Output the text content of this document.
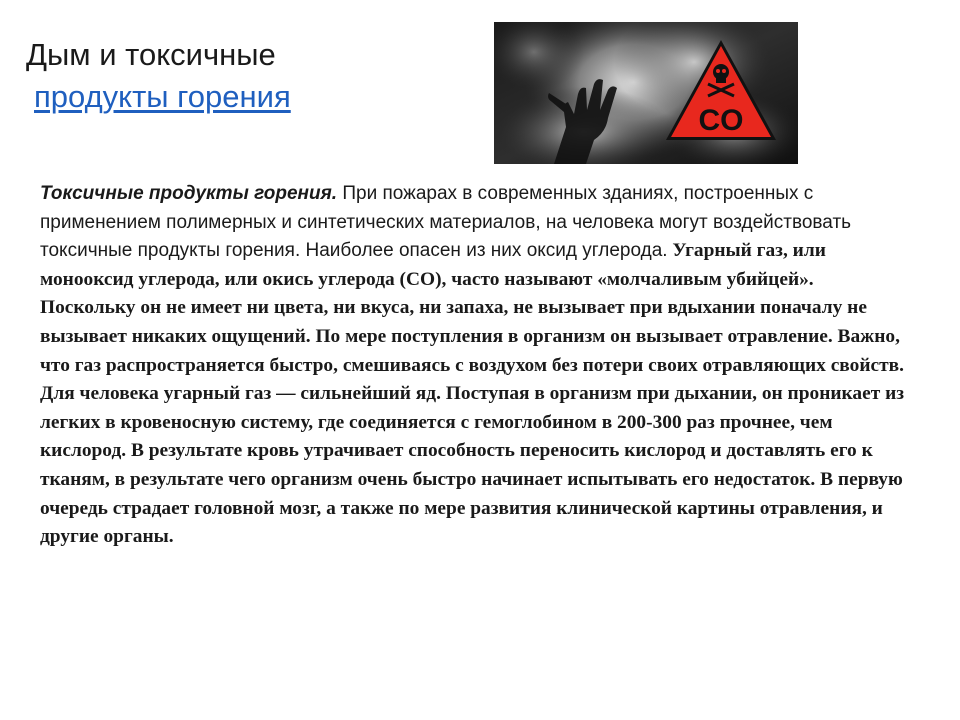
Дым и токсичные
продукты горения
CO

Токсичные продукты горения. При пожарах в современных зданиях, построенных с применением полимерных и синтетических материалов, на человека могут воздействовать токсичные продукты горения. Наиболее опасен из них оксид углерода. Угарный газ, или монооксид углерода, или окись углерода (СО), часто называют «молчаливым убийцей». Поскольку он не имеет ни цвета, ни вкуса, ни запаха, не вызывает при вдыхании поначалу не вызывает никаких ощущений. По мере поступления в организм он вызывает отравление. Важно, что газ распространяется быстро, смешиваясь с воздухом без потери своих отравляющих свойств.

Для человека угарный газ — сильнейший яд. Поступая в организм при дыхании, он проникает из легких в кровеносную систему, где соединяется с гемоглобином в 200-300 раз прочнее, чем кислород. В результате кровь утрачивает способность переносить кислород и доставлять его к тканям, в результате чего организм очень быстро начинает испытывать его недостаток. В первую очередь страдает головной мозг, а также по мере развития клинической картины отравления, и другие органы.
